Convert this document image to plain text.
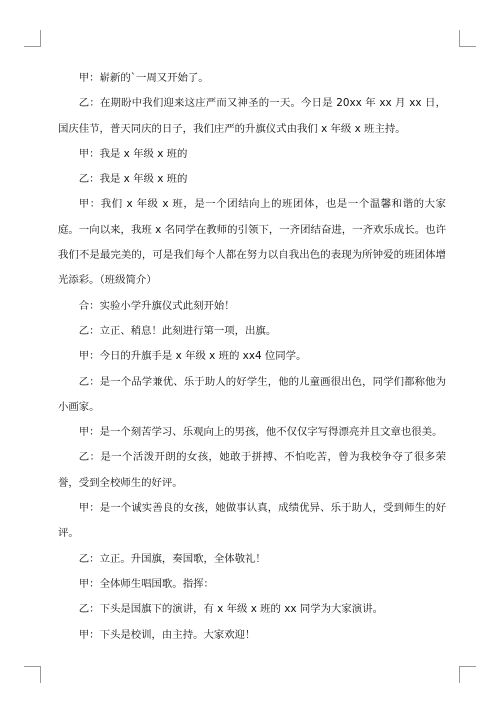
甲：崭新的`一周又开始了。

乙：在期盼中我们迎来这庄严而又神圣的一天。今日是 20xx 年 xx 月 xx 日，国庆佳节，普天同庆的日子，我们庄严的升旗仪式由我们 x 年级 x 班主持。

甲：我是 x 年级 x 班的

乙：我是 x 年级 x 班的

甲：我们 x 年级 x 班，是一个团结向上的班团体，也是一个温馨和谐的大家庭。一向以来，我班 x 名同学在教师的引领下，一齐团结奋进，一齐欢乐成长。也许我们不是最完美的，可是我们每个人都在努力以自我出色的表现为所钟爱的班团体增光添彩。（班级简介）

合：实验小学升旗仪式此刻开始！

乙：立正、稍息！此刻进行第一项，出旗。

甲：今日的升旗手是 x 年级 x 班的 xx4 位同学。

乙：是一个品学兼优、乐于助人的好学生，他的儿童画很出色，同学们都称他为小画家。

甲：是一个刻苦学习、乐观向上的男孩，他不仅仅字写得漂亮并且文章也很美。

乙：是一个活泼开朗的女孩，她敢于拼搏、不怕吃苦，曾为我校争夺了很多荣誉，受到全校师生的好评。

甲：是一个诚实善良的女孩，她做事认真，成绩优异、乐于助人，受到师生的好评。

乙：立正。升国旗，奏国歌，全体敬礼！

甲：全体师生唱国歌。指挥：

乙：下头是国旗下的演讲，有 x 年级 x 班的 xx 同学为大家演讲。

甲：下头是校训，由主持。大家欢迎！
